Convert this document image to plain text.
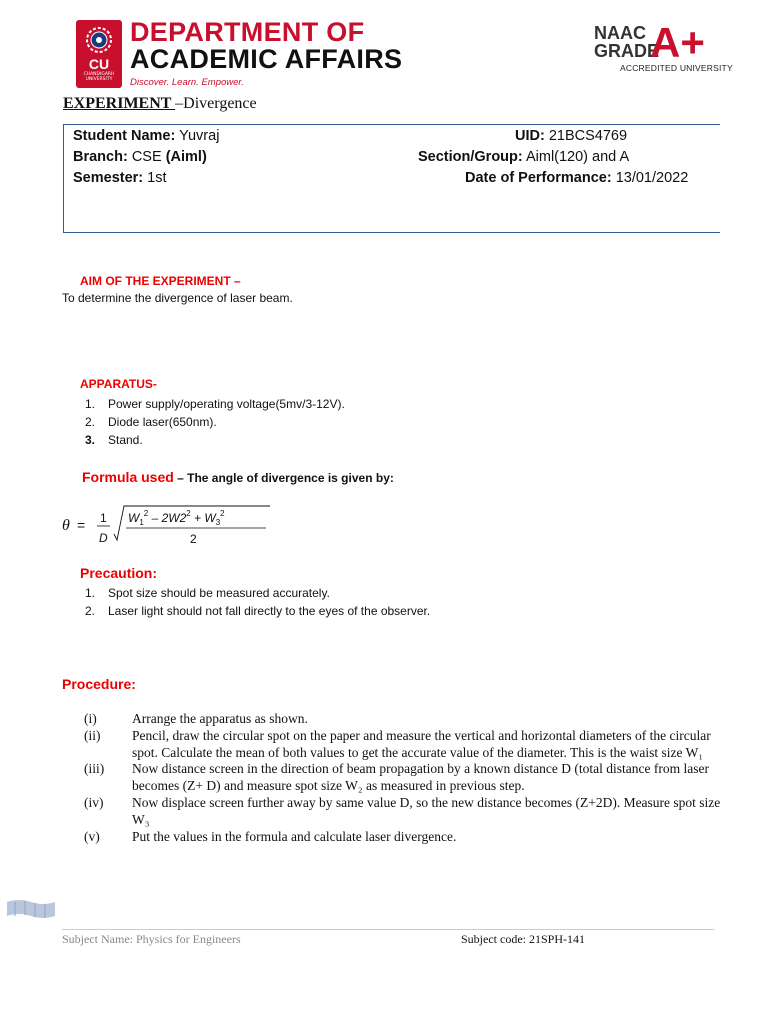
CU
CHANDIGARH UNIVERSITY
DEPARTMENT OF
ACADEMIC AFFAIRS
Discover. Learn. Empower.
NAAC
GRADE
A+
ACCREDITED UNIVERSITY
EXPERIMENT –Divergence
Student Name: Yuvraj	UID: 21BCS4769
Branch: CSE (Aiml)	Section/Group: Aiml(120) and A
Semester: 1st	Date of Performance: 13/01/2022
AIM OF THE EXPERIMENT –
To determine the divergence of laser beam.
APPARATUS-
1. Power supply/operating voltage(5mv/3-12V).
2. Diode laser(650nm).
3. Stand.
Formula used – The angle of divergence is given by:
θ = 1
D
$W_1^2 - 2W2^2 + W_3^2$
2
Precaution:
1. Spot size should be measured accurately.
2. Laser light should not fall directly to the eyes of the observer.
Procedure:
(i)	Arrange the apparatus as shown.
(ii) Pencil, draw the circular spot on the paper and measure the vertical and horizontal diameters of the circular spot. Calculate the mean of both values to get the accurate value of the diameter. This is the waist size W₁
(iii) Now distance screen in the direction of beam propagation by a known distance D (total distance from laser becomes (Z+ D) and measure spot size W₂ as measured in previous step.
(iv) Now displace screen further away by same value D, so the new distance becomes (Z+2D). Measure spot size W₃
(v) Put the values in the formula and calculate laser divergence.
Subject Name: Physics for Engineers	Subject code: 21SPH-141
